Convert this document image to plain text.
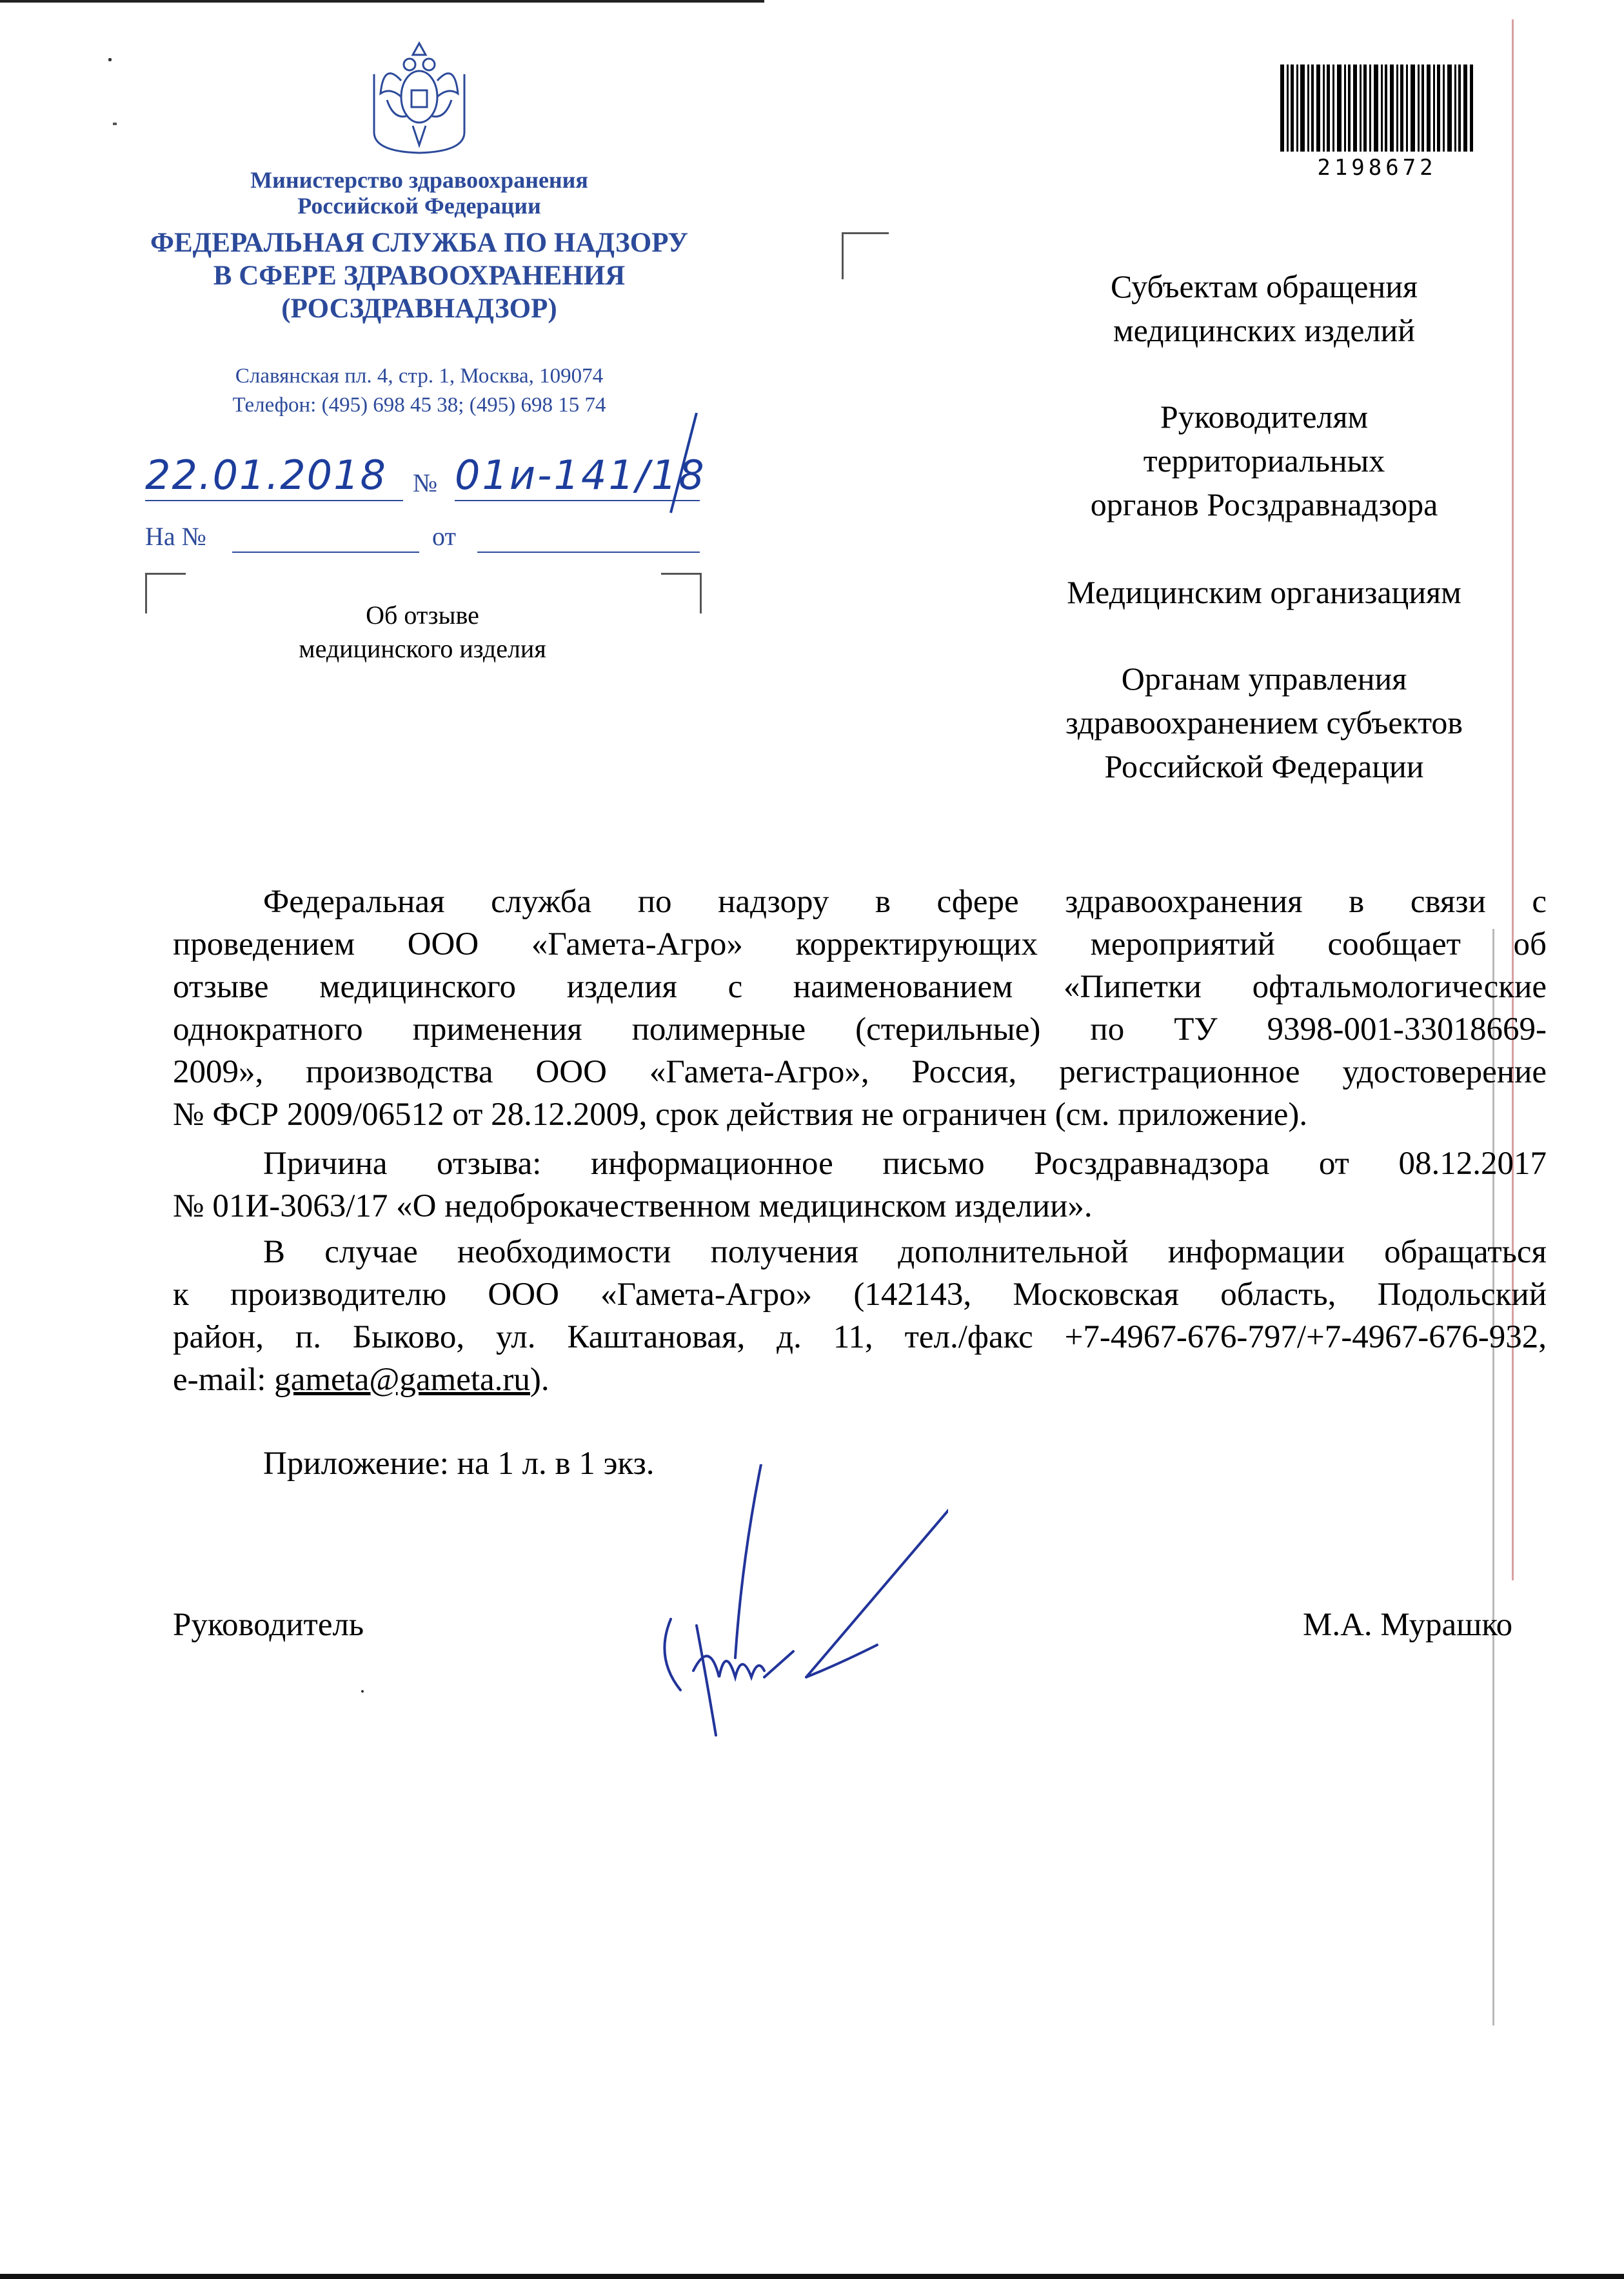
Министерство здравоохранения
Российской Федерации
ФЕДЕРАЛЬНАЯ СЛУЖБА ПО НАДЗОРУ
В СФЕРЕ ЗДРАВООХРАНЕНИЯ
(РОСЗДРАВНАДЗОР)
Славянская пл. 4, стр. 1, Москва, 109074
Телефон: (495) 698 45 38; (495) 698 15 74
22.01.2018 № 01и-141/18
На №	от
Об отзыве
медицинского изделия
2198672
Субъектам обращения
медицинских изделий
Руководителям
территориальных
органов Росздравнадзора
Медицинским организациям
Органам управления
здравоохранением субъектов
Российской Федерации
Федеральная служба по надзору в сфере здравоохранения в связи с
проведением ООО «Гамета-Агро» корректирующих мероприятий сообщает об
отзыве медицинского изделия с наименованием «Пипетки офтальмологические
однократного применения полимерные (стерильные) по ТУ 9398-001-33018669-
2009», производства ООО «Гамета-Агро», Россия, регистрационное удостоверение
№ ФСР 2009/06512 от 28.12.2009, срок действия не ограничен (см. приложение).
Причина отзыва: информационное письмо Росздравнадзора от 08.12.2017
№ 01И-3063/17 «О недоброкачественном медицинском изделии».
В случае необходимости получения дополнительной информации обращаться
к производителю ООО «Гамета-Агро» (142143, Московская область, Подольский
район, п. Быково, ул. Каштановая, д. 11, тел./факс +7-4967-676-797/+7-4967-676-932,
e-mail: gameta@gameta.ru).
Приложение: на 1 л. в 1 экз.
Руководитель	М.А. Мурашко
